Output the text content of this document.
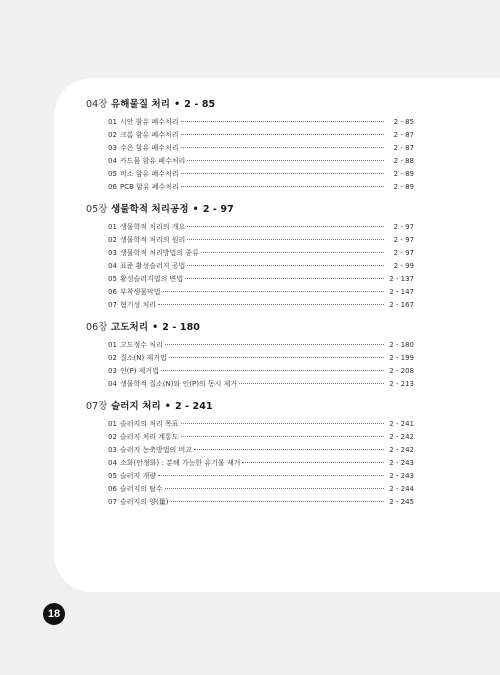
04장 유해물질 처리 • 2 - 85
01 시안 함유 폐수처리	2 - 85
02 크롬 함유 폐수처리	2 - 87
03 수은 함유 폐수처리	2 - 87
04 카드뮴 함유 폐수처리	2 - 88
05 비소 함유 폐수처리	2 - 89
06 PCB 함유 폐수처리	2 - 89
05장 생물학적 처리공정 • 2 - 97
01 생물학적 처리의 개요	2 - 97
02 생물학적 처리의 원리	2 - 97
03 생물학적 처리방법의 종류	2 - 97
04 표준 활성슬러지 공법	2 - 99
05 활성슬러지법의 변법	2 - 137
06 부착생물막법	2 - 147
07 혐기성 처리	2 - 167
06장 고도처리 • 2 - 180
01 고도정수 처리	2 - 180
02 질소(N) 제거법	2 - 199
03 인(P) 제거법	2 - 208
04 생물학적 질소(N)와 인(P)의 동시 제거	2 - 213
07장 슬러지 처리 • 2 - 241
01 슬러지의 처리 목표	2 - 241
02 슬러지 처리 계통도	2 - 242
03 슬러지 농축방법의 비교	2 - 242
04 소화(안정화) : 분해 가능한 유기물 제거	2 - 243
05 슬러지 개량	2 - 243
06 슬러지의 탈수	2 - 244
07 슬러지의 양(量)	2 - 245
18
